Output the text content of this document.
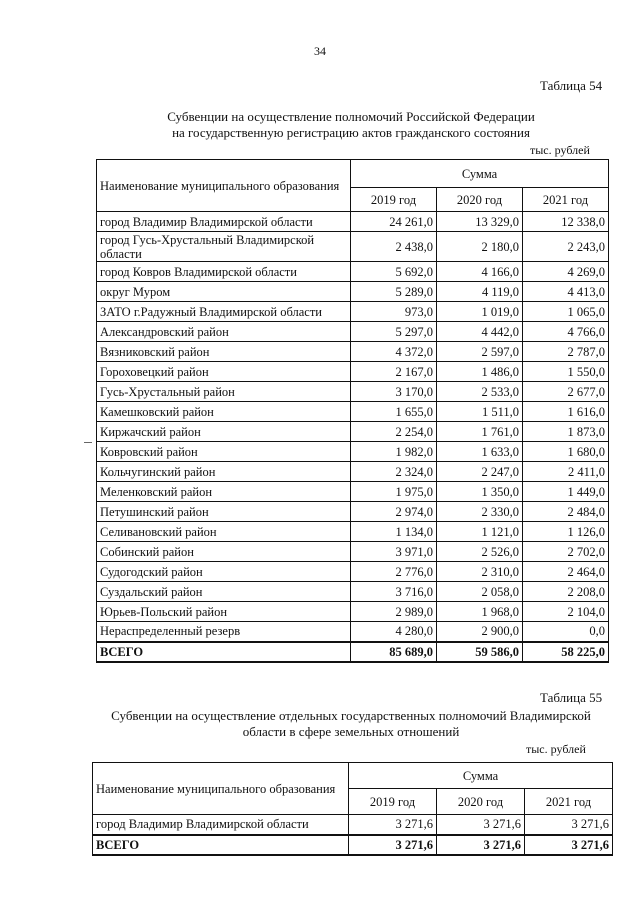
34
Таблица 54
Субвенции на осуществление полномочий Российской Федерации
на государственную регистрацию актов гражданского состояния
тыс. рублей
Наименование муниципального образования	Сумма		
	2019 год	2020 год	2021 год
город Владимир Владимирской области	24 261,0	13 329,0	12 338,0
город Гусь-Хрустальный Владимирской области	2 438,0	2 180,0	2 243,0
город Ковров Владимирской области	5 692,0	4 166,0	4 269,0
округ Муром	5 289,0	4 119,0	4 413,0
ЗАТО г.Радужный Владимирской области	973,0	1 019,0	1 065,0
Александровский район	5 297,0	4 442,0	4 766,0
Вязниковский район	4 372,0	2 597,0	2 787,0
Гороховецкий район	2 167,0	1 486,0	1 550,0
Гусь-Хрустальный район	3 170,0	2 533,0	2 677,0
Камешковский район	1 655,0	1 511,0	1 616,0
Киржачский район	2 254,0	1 761,0	1 873,0
Ковровский район	1 982,0	1 633,0	1 680,0
Кольчугинский район	2 324,0	2 247,0	2 411,0
Меленковский район	1 975,0	1 350,0	1 449,0
Петушинский район	2 974,0	2 330,0	2 484,0
Селивановский район	1 134,0	1 121,0	1 126,0
Собинский район	3 971,0	2 526,0	2 702,0
Судогодский район	2 776,0	2 310,0	2 464,0
Суздальский район	3 716,0	2 058,0	2 208,0
Юрьев-Польский район	2 989,0	1 968,0	2 104,0
Нераспределенный резерв	4 280,0	2 900,0	0,0
ВСЕГО	85 689,0	59 586,0	58 225,0
Таблица 55
Субвенции на осуществление отдельных государственных полномочий Владимирской
области в сфере земельных отношений
тыс. рублей
Наименование муниципального образования	Сумма		
	2019 год	2020 год	2021 год
город Владимир Владимирской области	3 271,6	3 271,6	3 271,6
ВСЕГО	3 271,6	3 271,6	3 271,6
